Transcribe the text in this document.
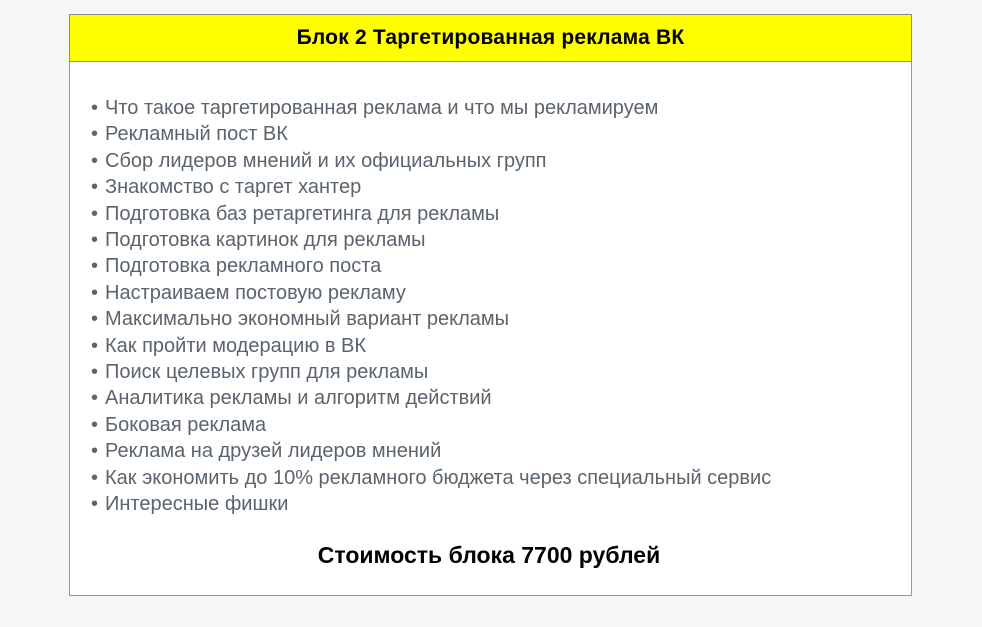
Блок 2 Таргетированная реклама ВК
• Что такое таргетированная реклама и что мы рекламируем
• Рекламный пост ВК
• Сбор лидеров мнений и их официальных групп
• Знакомство с таргет хантер
• Подготовка баз ретаргетинга для рекламы
• Подготовка картинок для рекламы
• Подготовка рекламного поста
• Настраиваем постовую рекламу
• Максимально экономный вариант рекламы
• Как пройти модерацию в ВК
• Поиск целевых групп для рекламы
• Аналитика рекламы и алгоритм действий
• Боковая реклама
• Реклама на друзей лидеров мнений
• Как экономить до 10% рекламного бюджета через специальный сервис
• Интересные фишки
Стоимость блока 7700 рублей
